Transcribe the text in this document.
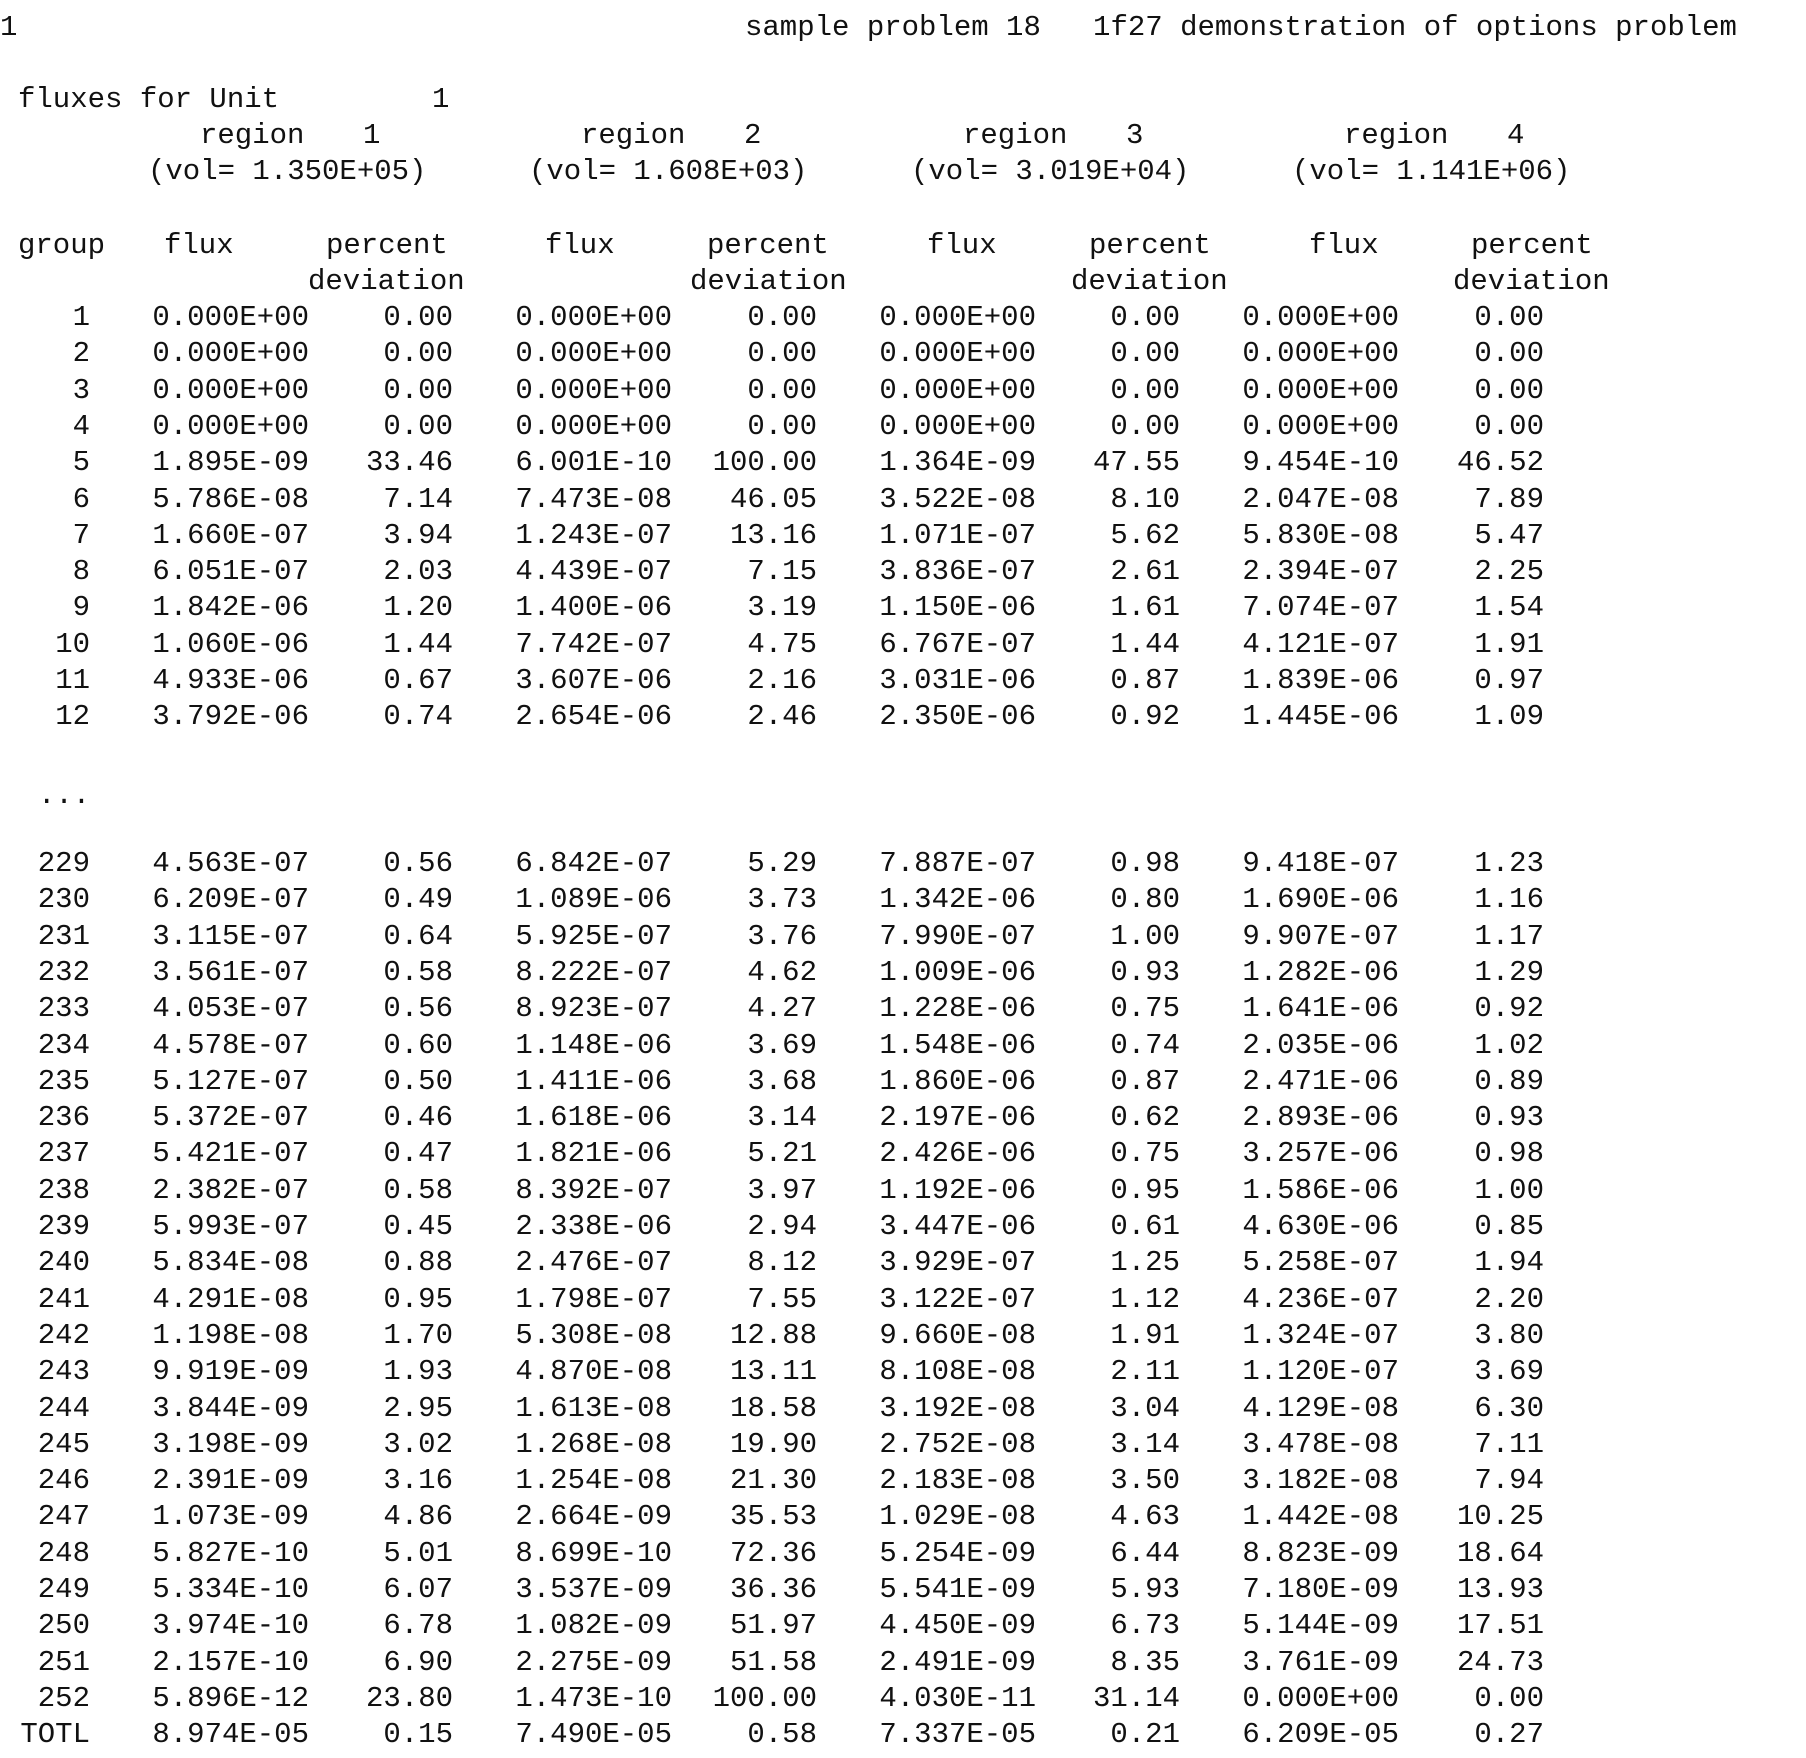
1	sample problem 18   1f27 demonstration of options problem
fluxes for Unit	1
region 1
(vol= 1.350E+05)
region 2
(vol= 1.608E+03)
region 3
(vol= 3.019E+04)
region 4
(vol= 1.141E+06)
group flux	percent
deviation
flux	percent
deviation
flux	percent
deviation
flux	percent
deviation
1 0.000E+00	0.00 0.000E+00	0.00 0.000E+00	0.00 0.000E+00	0.00
2 0.000E+00	0.00 0.000E+00	0.00 0.000E+00	0.00 0.000E+00	0.00
3 0.000E+00	0.00 0.000E+00	0.00 0.000E+00	0.00 0.000E+00	0.00
4 0.000E+00	0.00 0.000E+00	0.00 0.000E+00	0.00 0.000E+00	0.00
5 1.895E-09 33.46 6.001E-10 100.00 1.364E-09 47.55 9.454E-10 46.52
6 5.786E-08	7.14 7.473E-08 46.05 3.522E-08	8.10 2.047E-08	7.89
7 1.660E-07	3.94 1.243E-07 13.16 1.071E-07	5.62 5.830E-08	5.47
8 6.051E-07	2.03 4.439E-07	7.15 3.836E-07	2.61 2.394E-07	2.25
9 1.842E-06	1.20 1.400E-06	3.19 1.150E-06	1.61 7.074E-07	1.54
10 1.060E-06	1.44 7.742E-07	4.75 6.767E-07	1.44 4.121E-07	1.91
11 4.933E-06	0.67 3.607E-06	2.16 3.031E-06	0.87 1.839E-06	0.97
12 3.792E-06	0.74 2.654E-06	2.46 2.350E-06	0.92 1.445E-06	1.09
...
229 4.563E-07	0.56 6.842E-07	5.29 7.887E-07	0.98 9.418E-07	1.23
230 6.209E-07	0.49 1.089E-06	3.73 1.342E-06	0.80 1.690E-06	1.16
231 3.115E-07	0.64 5.925E-07	3.76 7.990E-07	1.00 9.907E-07	1.17
232 3.561E-07	0.58 8.222E-07	4.62 1.009E-06	0.93 1.282E-06	1.29
233 4.053E-07	0.56 8.923E-07	4.27 1.228E-06	0.75 1.641E-06	0.92
234 4.578E-07	0.60 1.148E-06	3.69 1.548E-06	0.74 2.035E-06	1.02
235 5.127E-07	0.50 1.411E-06	3.68 1.860E-06	0.87 2.471E-06	0.89
236 5.372E-07	0.46 1.618E-06	3.14 2.197E-06	0.62 2.893E-06	0.93
237 5.421E-07	0.47 1.821E-06	5.21 2.426E-06	0.75 3.257E-06	0.98
238 2.382E-07	0.58 8.392E-07	3.97 1.192E-06	0.95 1.586E-06	1.00
239 5.993E-07	0.45 2.338E-06	2.94 3.447E-06	0.61 4.630E-06	0.85
240 5.834E-08	0.88 2.476E-07	8.12 3.929E-07	1.25 5.258E-07	1.94
241 4.291E-08	0.95 1.798E-07	7.55 3.122E-07	1.12 4.236E-07	2.20
242 1.198E-08	1.70 5.308E-08 12.88 9.660E-08	1.91 1.324E-07	3.80
243 9.919E-09	1.93 4.870E-08 13.11 8.108E-08	2.11 1.120E-07	3.69
244 3.844E-09	2.95 1.613E-08 18.58 3.192E-08	3.04 4.129E-08	6.30
245 3.198E-09	3.02 1.268E-08 19.90 2.752E-08	3.14 3.478E-08	7.11
246 2.391E-09	3.16 1.254E-08 21.30 2.183E-08	3.50 3.182E-08	7.94
247 1.073E-09	4.86 2.664E-09 35.53 1.029E-08	4.63 1.442E-08 10.25
248 5.827E-10	5.01 8.699E-10 72.36 5.254E-09	6.44 8.823E-09 18.64
249 5.334E-10	6.07 3.537E-09 36.36 5.541E-09	5.93 7.180E-09 13.93
250 3.974E-10	6.78 1.082E-09 51.97 4.450E-09	6.73 5.144E-09 17.51
251 2.157E-10	6.90 2.275E-09 51.58 2.491E-09	8.35 3.761E-09 24.73
252 5.896E-12 23.80 1.473E-10 100.00 4.030E-11 31.14 0.000E+00	0.00
TOTL 8.974E-05	0.15 7.490E-05	0.58 7.337E-05	0.21 6.209E-05	0.27
